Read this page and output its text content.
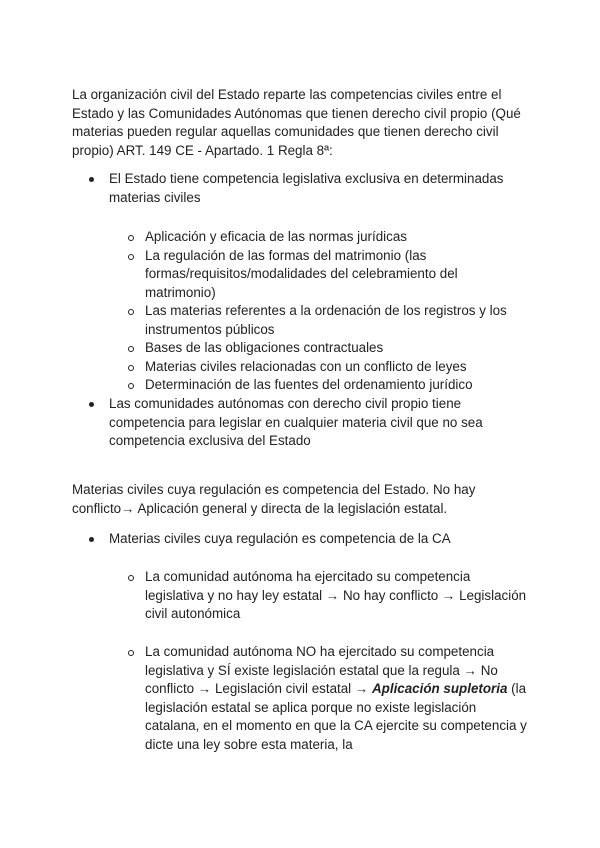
La organización civil del Estado reparte las competencias civiles entre el Estado y las Comunidades Autónomas que tienen derecho civil propio (Qué materias pueden regular aquellas comunidades que tienen derecho civil propio) ART. 149 CE - Apartado. 1 Regla 8ª:

El Estado tiene competencia legislativa exclusiva en determinadas materias civiles
Aplicación y eficacia de las normas jurídicas
La regulación de las formas del matrimonio (las formas/requisitos/modalidades del celebramiento del matrimonio)
Las materias referentes a la ordenación de los registros y los instrumentos públicos
Bases de las obligaciones contractuales
Materias civiles relacionadas con un conflicto de leyes
Determinación de las fuentes del ordenamiento jurídico
Las comunidades autónomas con derecho civil propio tiene competencia para legislar en cualquier materia civil que no sea competencia exclusiva del Estado

Materias civiles cuya regulación es competencia del Estado. No hay conflicto→ Aplicación general y directa de la legislación estatal.

Materias civiles cuya regulación es competencia de la CA
La comunidad autónoma ha ejercitado su competencia legislativa y no hay ley estatal → No hay conflicto → Legislación civil autonómica
La comunidad autónoma NO ha ejercitado su competencia legislativa y SÍ existe legislación estatal que la regula → No conflicto → Legislación civil estatal → Aplicación supletoria (la legislación estatal se aplica porque no existe legislación catalana, en el momento en que la CA ejercite su competencia y dicte una ley sobre esta materia, la
